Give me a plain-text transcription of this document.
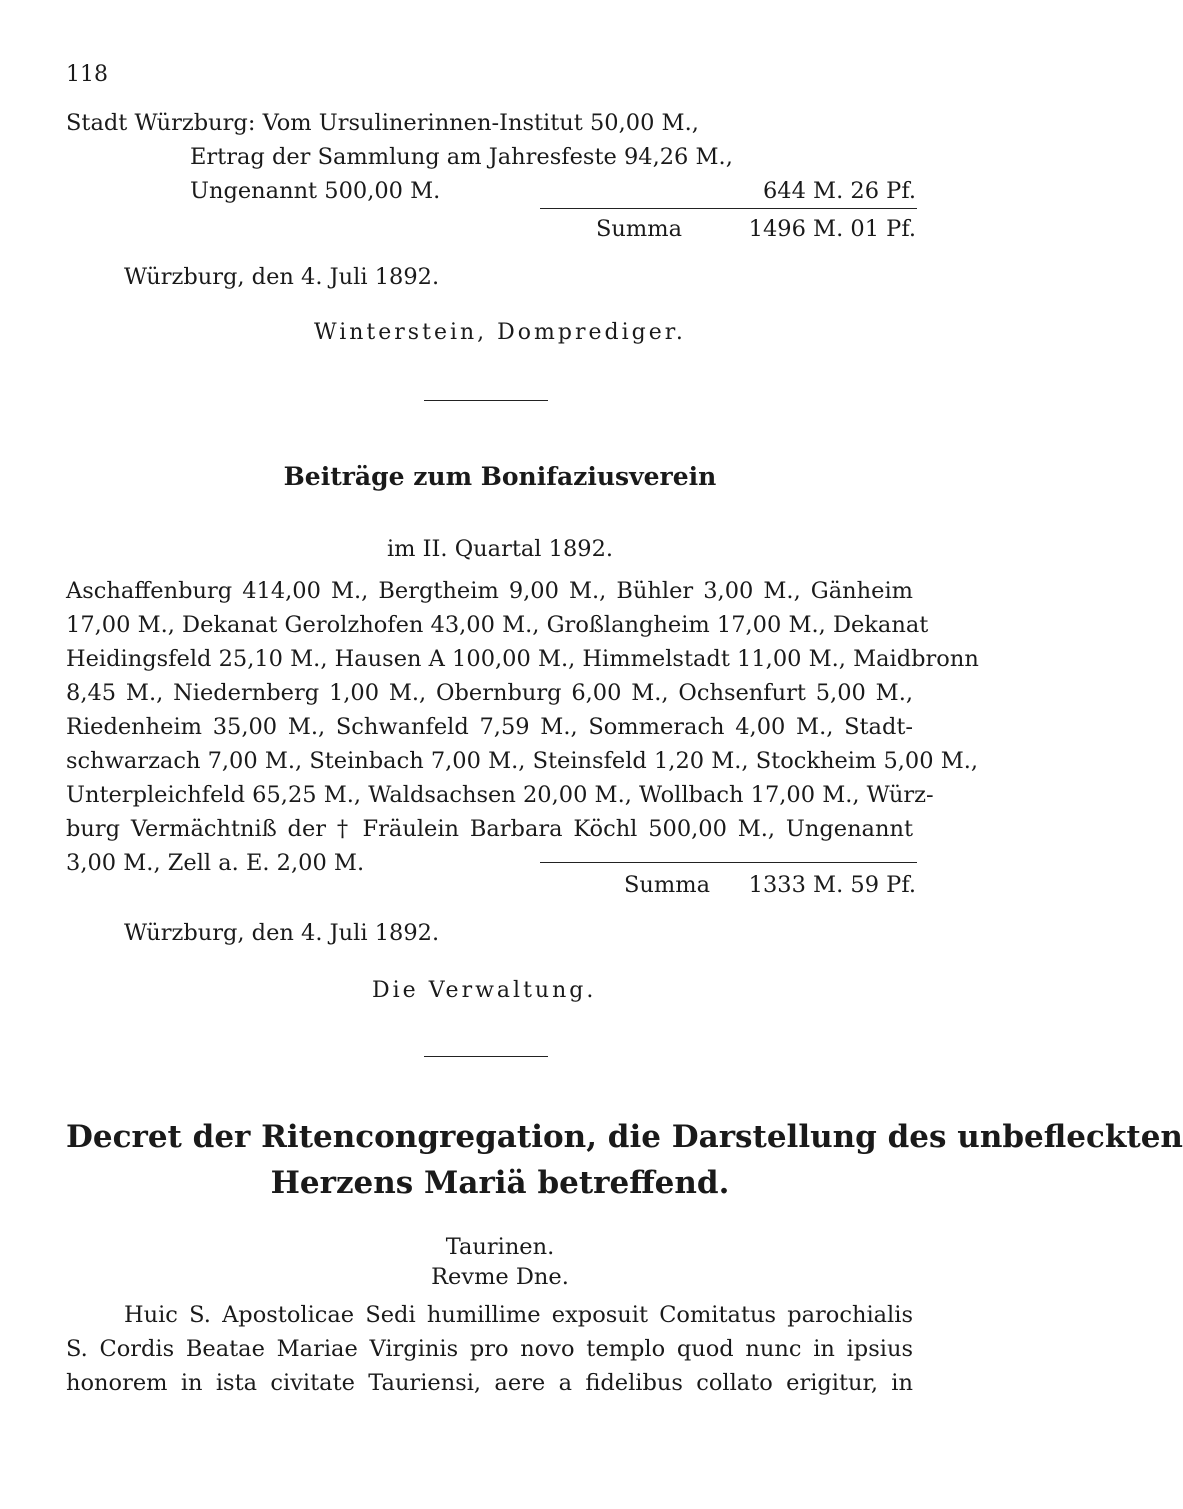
118
Stadt Würzburg: Vom Ursulinerinnen-Institut 50,00 M.,
Ertrag der Sammlung am Jahresfeste 94,26 M.,
Ungenannt 500,00 M.	644 M. 26 Pf.
Summa	1496 M. 01 Pf.
Würzburg, den 4. Juli 1892.
Winterstein, Domprediger.
Beiträge zum Bonifaziusverein
im II. Quartal 1892.
Aschaffenburg 414,00 M., Bergtheim 9,00 M., Bühler 3,00 M., Gänheim
17,00 M., Dekanat Gerolzhofen 43,00 M., Großlangheim 17,00 M., Dekanat
Heidingsfeld 25,10 M., Hausen A 100,00 M., Himmelstadt 11,00 M., Maidbronn
8,45 M., Niedernberg 1,00 M., Obernburg 6,00 M., Ochsenfurt 5,00 M.,
Riedenheim 35,00 M., Schwanfeld 7,59 M., Sommerach 4,00 M., Stadt-
schwarzach 7,00 M., Steinbach 7,00 M., Steinsfeld 1,20 M., Stockheim 5,00 M.,
Unterpleichfeld 65,25 M., Waldsachsen 20,00 M., Wollbach 17,00 M., Würz-
burg Vermächtniß der † Fräulein Barbara Köchl 500,00 M., Ungenannt
3,00 M., Zell a. E. 2,00 M.
Summa 1333 M. 59 Pf.
Würzburg, den 4. Juli 1892.
Die Verwaltung.
Decret der Ritencongregation, die Darstellung des unbefleckten
Herzens Mariä betreffend.
Taurinen.
Revme Dne.
Huic S. Apostolicae Sedi humillime exposuit Comitatus parochialis
S. Cordis Beatae Mariae Virginis pro novo templo quod nunc in ipsius
honorem in ista civitate Tauriensi, aere a fidelibus collato erigitur, in
